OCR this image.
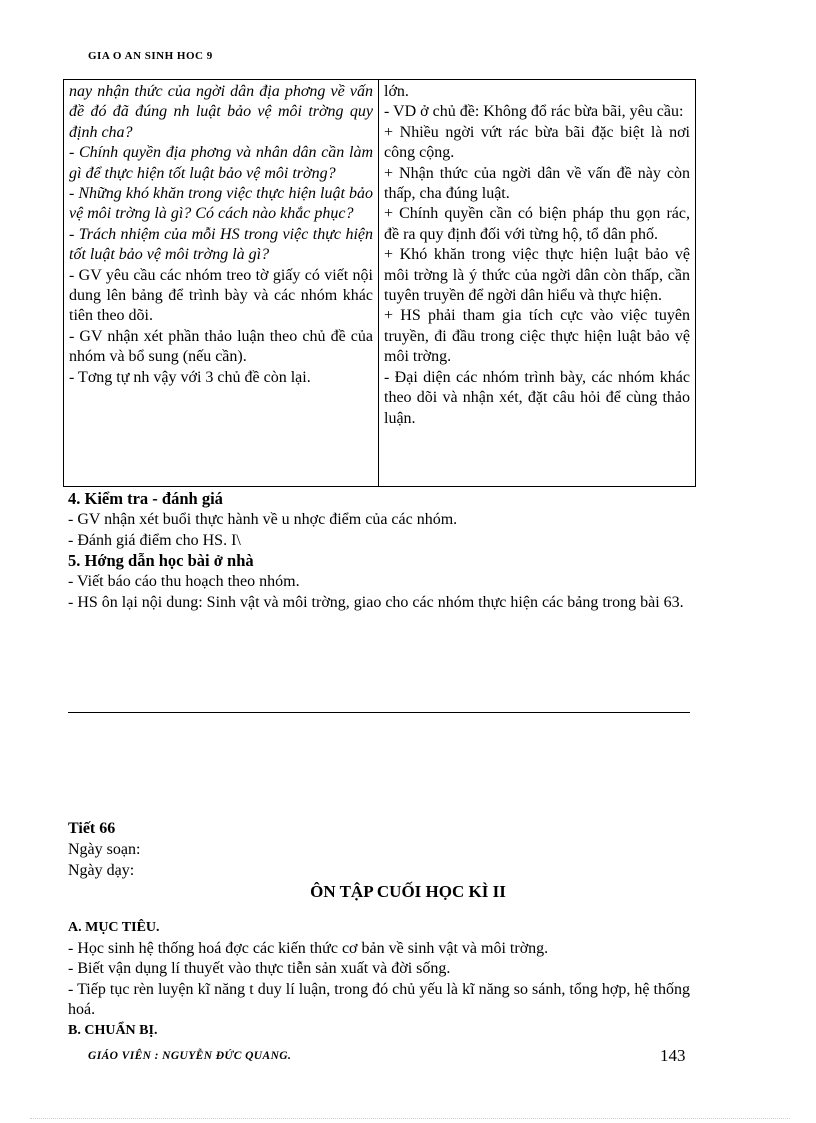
GIA O AN SINH HOC 9

nay nhận thức của ngời dân địa phơng về vấn đề đó đã đúng nh luật bảo vệ môi trờng quy định cha?

- Chính quyền địa phơng và nhân dân cần làm gì để thực hiện tốt luật bảo vệ môi trờng?

- Những khó khăn trong việc thực hiện luật bảo vệ môi trờng là gì? Có cách nào khắc phục?

- Trách nhiệm của mỗi HS trong việc thực hiện tốt luật bảo vệ môi trờng là gì?

- GV yêu cầu các nhóm treo tờ giấy có viết nội dung lên bảng để trình bày và các nhóm khác tiên theo dõi.

- GV nhận xét phần thảo luận theo chủ đề của nhóm và bổ sung (nếu cần).

- Tơng tự nh vậy với 3 chủ đề còn lại.

lớn.

- VD ở chủ đề: Không đổ rác bừa bãi, yêu cầu:

+ Nhiều ngời vứt rác bừa bãi đặc biệt là nơi công cộng.

+ Nhận thức của ngời dân về vấn đề này còn thấp, cha đúng luật.

+ Chính quyền cần có biện pháp thu gọn rác, đề ra quy định đối với từng hộ, tổ dân phố.

+ Khó khăn trong việc thực hiện luật bảo vệ môi trờng là ý thức của ngời dân còn thấp, cần tuyên truyền để ngời dân hiểu và thực hiện.

+ HS phải tham gia tích cực vào việc tuyên truyền, đi đầu trong ciệc thực hiện luật bảo vệ môi trờng.

- Đại diện các nhóm trình bày, các nhóm khác theo dõi và nhận xét, đặt câu hỏi để cùng thảo luận.

4. Kiểm tra - đánh giá

- GV nhận xét buổi thực hành về u nhợc điểm của các nhóm.

- Đánh giá điểm cho HS. I\

5. Hớng dẫn học bài ở nhà

- Viết báo cáo thu hoạch theo nhóm.

- HS ôn lại nội dung: Sinh vật và môi trờng, giao cho các nhóm thực hiện các bảng trong bài 63.

Tiết 66
Ngày soạn:
Ngày dạy:
ÔN TẬP CUỐI HỌC KÌ II

A. MỤC TIÊU.

- Học sinh hệ thống hoá đợc các kiến thức cơ bản về sinh vật và môi trờng.

- Biết vận dụng lí thuyết vào thực tiễn sản xuất và đời sống.

- Tiếp tục rèn luyện kĩ năng t duy lí luận, trong đó chủ yếu là kĩ năng so sánh, tổng hợp, hệ thống hoá.

B. CHUẨN BỊ.

GIÁO VIÊN : NGUYỄN ĐỨC QUANG.	143
